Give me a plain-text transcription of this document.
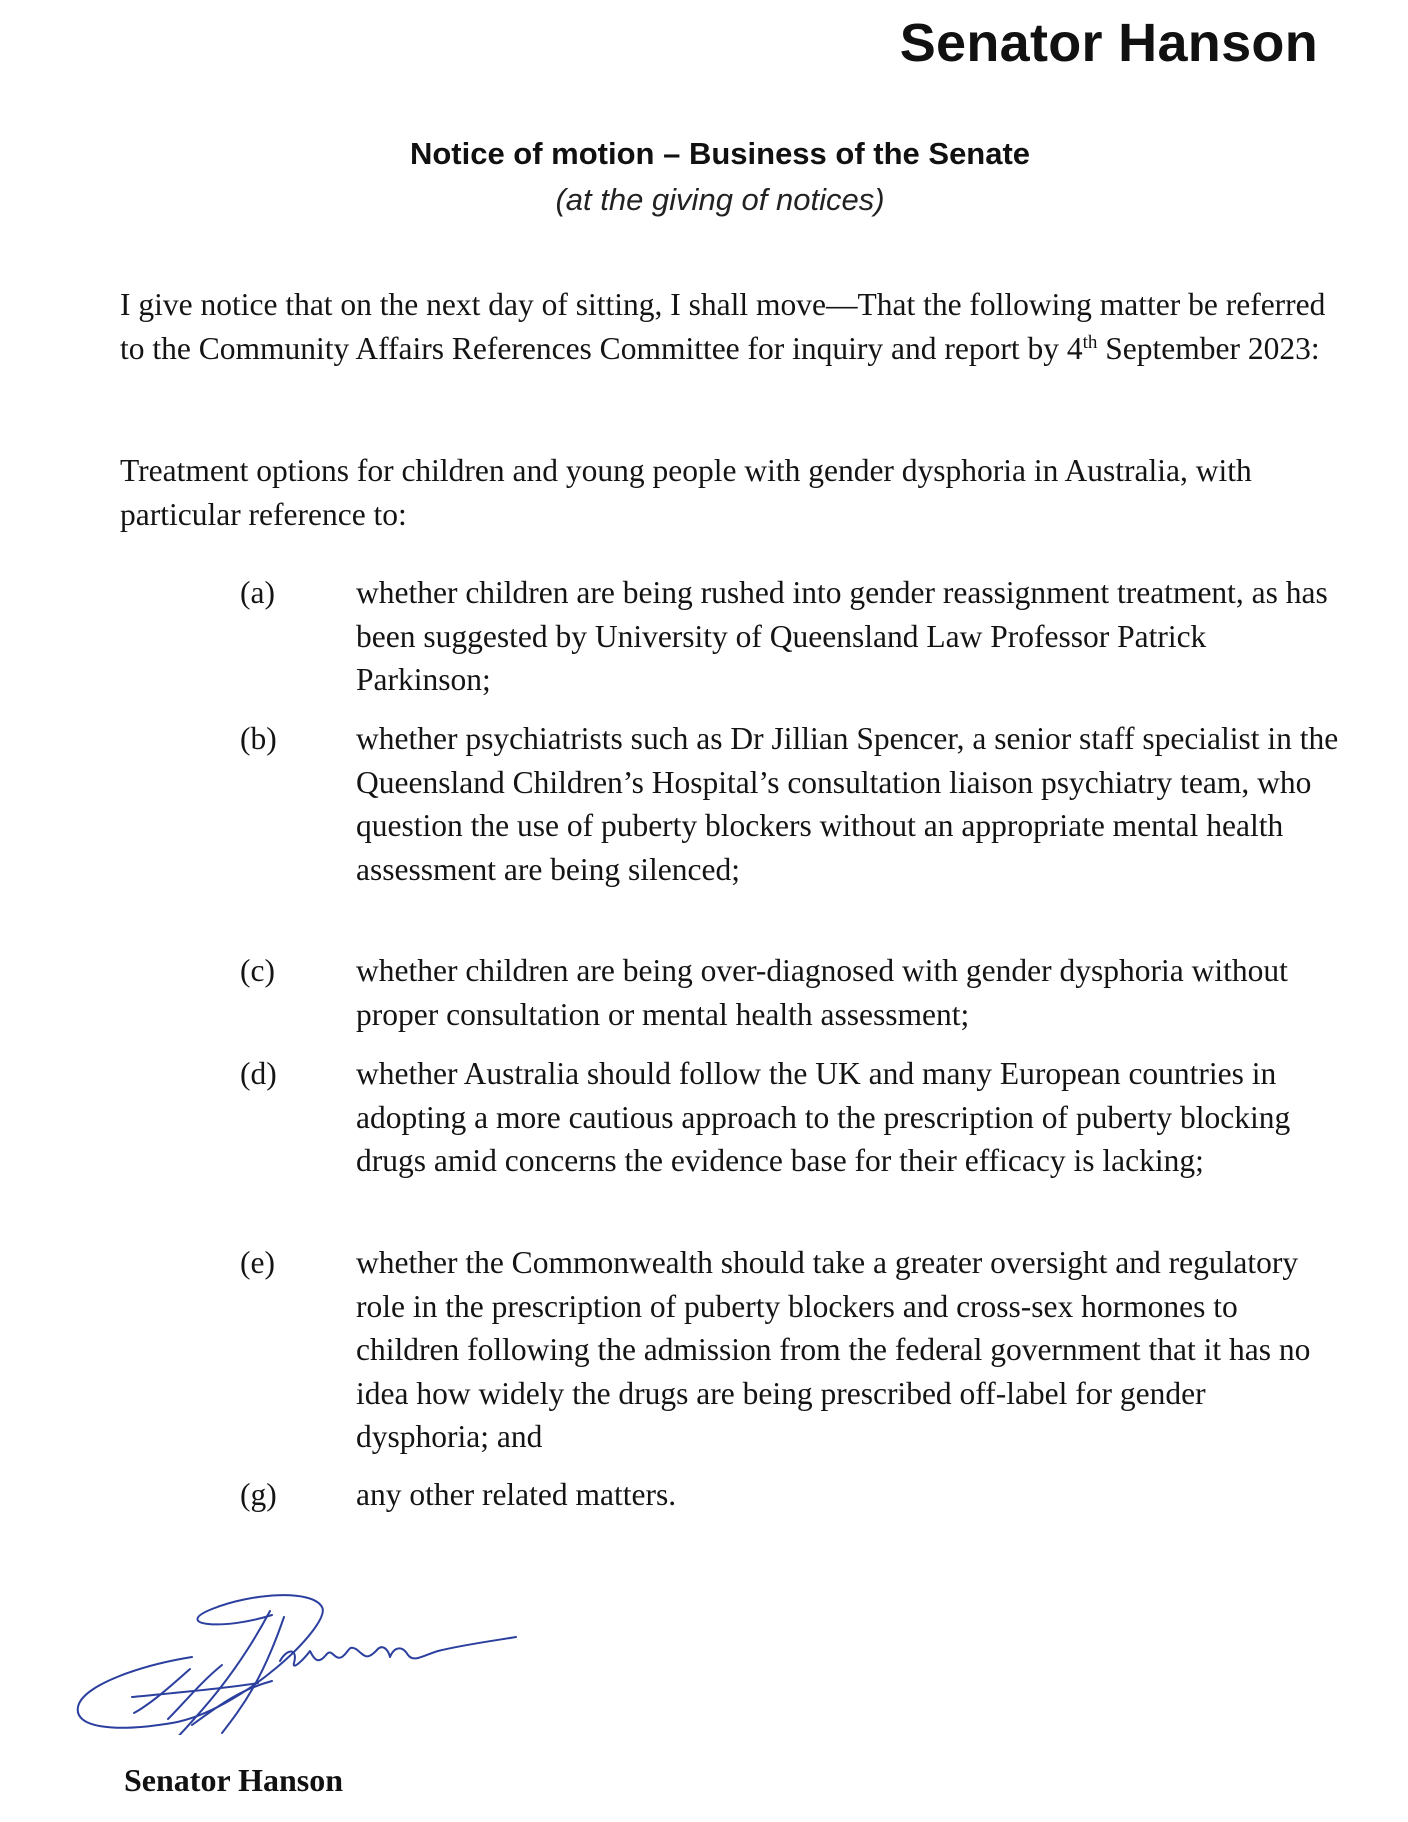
Senator Hanson
Notice of motion – Business of the Senate
(at the giving of notices)
I give notice that on the next day of sitting, I shall move—That the following matter be referred to the Community Affairs References Committee for inquiry and report by 4th September 2023:
Treatment options for children and young people with gender dysphoria in Australia, with particular reference to:
(a)	whether children are being rushed into gender reassignment treatment, as has been suggested by University of Queensland Law Professor Patrick Parkinson;
(b)	whether psychiatrists such as Dr Jillian Spencer, a senior staff specialist in the Queensland Children’s Hospital’s consultation liaison psychiatry team, who question the use of puberty blockers without an appropriate mental health assessment are being silenced;
(c)	whether children are being over-diagnosed with gender dysphoria without proper consultation or mental health assessment;
(d)	whether Australia should follow the UK and many European countries in adopting a more cautious approach to the prescription of puberty blocking drugs amid concerns the evidence base for their efficacy is lacking;
(e)	whether the Commonwealth should take a greater oversight and regulatory role in the prescription of puberty blockers and cross-sex hormones to children following the admission from the federal government that it has no idea how widely the drugs are being prescribed off-label for gender dysphoria; and
(g)	any other related matters.
Senator Hanson
